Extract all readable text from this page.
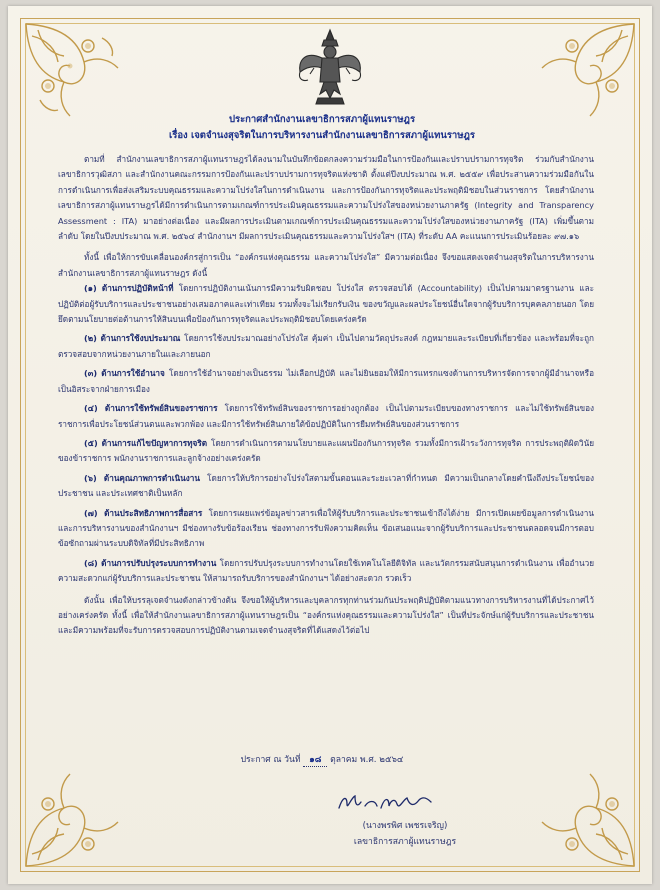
ประกาศสำนักงานเลขาธิการสภาผู้แทนราษฎร
เรื่อง เจตจำนงสุจริตในการบริหารงานสำนักงานเลขาธิการสภาผู้แทนราษฎร

ตามที่ สำนักงานเลขาธิการสภาผู้แทนราษฎรได้ลงนามในบันทึกข้อตกลงความร่วมมือในการป้องกันและปราบปรามการทุจริต ร่วมกับสำนักงานเลขาธิการวุฒิสภา และสำนักงานคณะกรรมการป้องกันและปราบปรามการทุจริตแห่งชาติ ตั้งแต่ปีงบประมาณ พ.ศ. ๒๕๕๙ เพื่อประสานความร่วมมือกันในการดำเนินการเพื่อส่งเสริมระบบคุณธรรมและความโปร่งใสในการดำเนินงาน และการป้องกันการทุจริตและประพฤติมิชอบในส่วนราชการ โดยสำนักงานเลขาธิการสภาผู้แทนราษฎรได้มีการดำเนินการตามเกณฑ์การประเมินคุณธรรมและความโปร่งใสของหน่วยงานภาครัฐ (Integrity and Transparency Assessment : ITA) มาอย่างต่อเนื่อง และมีผลการประเมินตามเกณฑ์การประเมินคุณธรรมและความโปร่งใสของหน่วยงานภาครัฐ (ITA) เพิ่มขึ้นตามลำดับ โดยในปีงบประมาณ พ.ศ. ๒๕๖๔ สำนักงานฯ มีผลการประเมินคุณธรรมและความโปร่งใสฯ (ITA) ที่ระดับ AA คะแนนการประเมินร้อยละ ๙๗.๑๖

ทั้งนี้ เพื่อให้การขับเคลื่อนองค์กรสู่การเป็น “องค์กรแห่งคุณธรรม และความโปร่งใส” มีความต่อเนื่อง จึงขอแสดงเจตจำนงสุจริตในการบริหารงานสำนักงานเลขาธิการสภาผู้แทนราษฎร ดังนี้

(๑) ด้านการปฏิบัติหน้าที่ โดยการปฏิบัติงานเน้นการมีความรับผิดชอบ โปร่งใส ตรวจสอบได้ (Accountability) เป็นไปตามมาตรฐานงาน และปฏิบัติต่อผู้รับบริการและประชาชนอย่างเสมอภาคและเท่าเทียม รวมทั้งจะไม่เรียกรับเงิน ของขวัญและผลประโยชน์อื่นใดจากผู้รับบริการบุคคลภายนอก โดยยึดตามนโยบายต่อต้านการให้สินบนเพื่อป้องกันการทุจริตและประพฤติมิชอบโดยเคร่งครัด

(๒) ด้านการใช้งบประมาณ โดยการใช้งบประมาณอย่างโปร่งใส คุ้มค่า เป็นไปตามวัตถุประสงค์ กฎหมายและระเบียบที่เกี่ยวข้อง และพร้อมที่จะถูกตรวจสอบจากหน่วยงานภายในและภายนอก

(๓) ด้านการใช้อำนาจ โดยการใช้อำนาจอย่างเป็นธรรม ไม่เลือกปฏิบัติ และไม่ยินยอมให้มีการแทรกแซงด้านการบริหารจัดการจากผู้มีอำนาจหรือเป็นอิสระจากฝ่ายการเมือง

(๔) ด้านการใช้ทรัพย์สินของราชการ โดยการใช้ทรัพย์สินของราชการอย่างถูกต้อง เป็นไปตามระเบียบของทางราชการ และไม่ใช้ทรัพย์สินของราชการเพื่อประโยชน์ส่วนตนและพวกพ้อง และมีการใช้ทรัพย์สินภายใต้ข้อปฏิบัติในการยืมทรัพย์สินของส่วนราชการ

(๕) ด้านการแก้ไขปัญหาการทุจริต โดยการดำเนินการตามนโยบายและแผนป้องกันการทุจริต รวมทั้งมีการเฝ้าระวังการทุจริต การประพฤติผิดวินัยของข้าราชการ พนักงานราชการและลูกจ้างอย่างเคร่งครัด

(๖) ด้านคุณภาพการดำเนินงาน โดยการให้บริการอย่างโปร่งใสตามขั้นตอนและระยะเวลาที่กำหนด มีความเป็นกลางโดยคำนึงถึงประโยชน์ของประชาชน และประเทศชาติเป็นหลัก

(๗) ด้านประสิทธิภาพการสื่อสาร โดยการเผยแพร่ข้อมูลข่าวสารเพื่อให้ผู้รับบริการและประชาชนเข้าถึงได้ง่าย มีการเปิดเผยข้อมูลการดำเนินงานและการบริหารงานของสำนักงานฯ มีช่องทางรับข้อร้องเรียน ช่องทางการรับฟังความคิดเห็น ข้อเสนอแนะจากผู้รับบริการและประชาชนตลอดจนมีการตอบข้อซักถามผ่านระบบดิจิทัลที่มีประสิทธิภาพ

(๘) ด้านการปรับปรุงระบบการทำงาน โดยการปรับปรุงระบบการทำงานโดยใช้เทคโนโลยีดิจิทัล และนวัตกรรมสนับสนุนการดำเนินงาน เพื่ออำนวยความสะดวกแก่ผู้รับบริการและประชาชน ให้สามารถรับบริการของสำนักงานฯ ได้อย่างสะดวก รวดเร็ว

ดังนั้น เพื่อให้บรรลุเจตจำนงดังกล่าวข้างต้น จึงขอให้ผู้บริหารและบุคลากรทุกท่านร่วมกันประพฤติปฏิบัติตามแนวทางการบริหารงานที่ได้ประกาศไว้อย่างเคร่งครัด ทั้งนี้ เพื่อให้สำนักงานเลขาธิการสภาผู้แทนราษฎรเป็น “องค์กรแห่งคุณธรรมและความโปร่งใส” เป็นที่ประจักษ์แก่ผู้รับบริการและประชาชน และมีความพร้อมที่จะรับการตรวจสอบการปฏิบัติงานตามเจตจำนงสุจริตที่ได้แสดงไว้ต่อไป

ประกาศ ณ วันที่ ๑๘ ตุลาคม พ.ศ. ๒๕๖๔
(นางพรพิศ เพชรเจริญ)
เลขาธิการสภาผู้แทนราษฎร
